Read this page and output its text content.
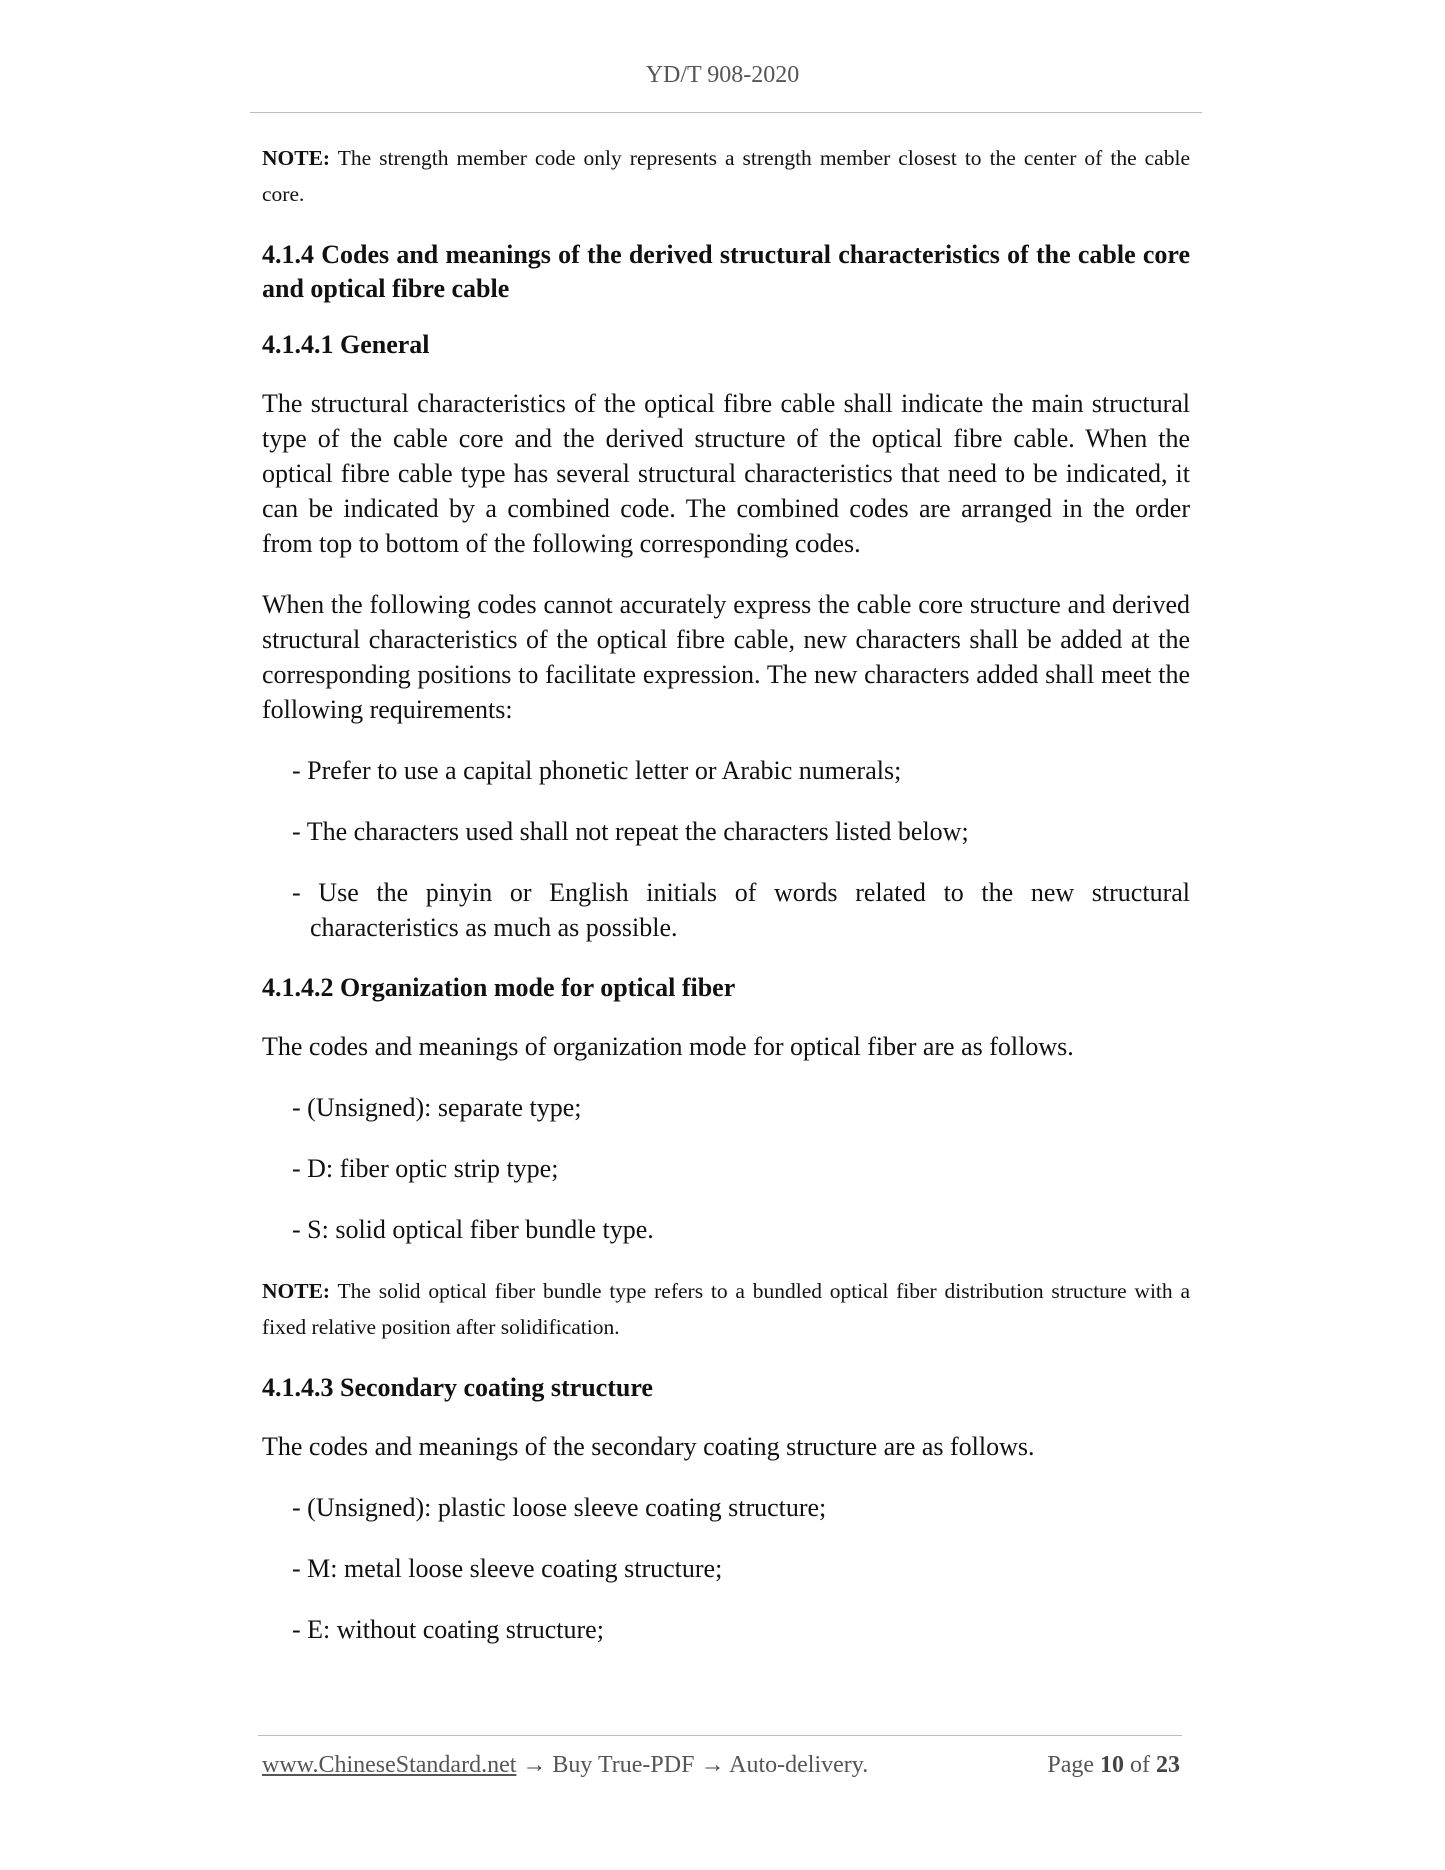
YD/T 908-2020
NOTE: The strength member code only represents a strength member closest to the center of the cable core.
4.1.4 Codes and meanings of the derived structural characteristics of the cable core and optical fibre cable
4.1.4.1 General

The structural characteristics of the optical fibre cable shall indicate the main structural type of the cable core and the derived structure of the optical fibre cable. When the optical fibre cable type has several structural characteristics that need to be indicated, it can be indicated by a combined code. The combined codes are arranged in the order from top to bottom of the following corresponding codes.

When the following codes cannot accurately express the cable core structure and derived structural characteristics of the optical fibre cable, new characters shall be added at the corresponding positions to facilitate expression. The new characters added shall meet the following requirements:

- Prefer to use a capital phonetic letter or Arabic numerals;
- The characters used shall not repeat the characters listed below;
- Use the pinyin or English initials of words related to the new structural characteristics as much as possible.
4.1.4.2 Organization mode for optical fiber

The codes and meanings of organization mode for optical fiber are as follows.

- (Unsigned): separate type;
- D: fiber optic strip type;
- S: solid optical fiber bundle type.
NOTE: The solid optical fiber bundle type refers to a bundled optical fiber distribution structure with a fixed relative position after solidification.
4.1.4.3 Secondary coating structure

The codes and meanings of the secondary coating structure are as follows.

- (Unsigned): plastic loose sleeve coating structure;
- M: metal loose sleeve coating structure;
- E: without coating structure;
www.ChineseStandard.net → Buy True-PDF → Auto-delivery.	Page 10 of 23
